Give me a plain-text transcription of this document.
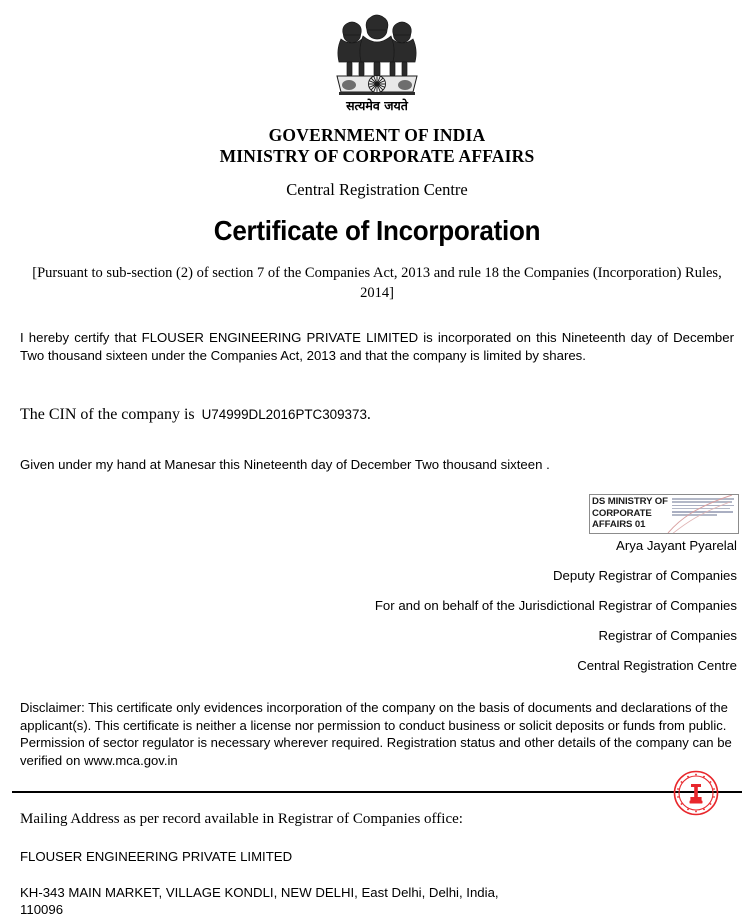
सत्यमेव जयते
GOVERNMENT OF INDIA
MINISTRY OF CORPORATE AFFAIRS
Central Registration Centre
Certificate of Incorporation
[Pursuant to sub-section (2) of section 7 of the Companies Act, 2013 and rule 18 the Companies (Incorporation) Rules, 2014]
I hereby certify that FLOUSER ENGINEERING PRIVATE LIMITED is incorporated on this Nineteenth day of December Two thousand sixteen under the Companies Act, 2013 and that the company is limited by shares.
The CIN of the company is U74999DL2016PTC309373.
Given under my hand at Manesar this Nineteenth day of December Two thousand sixteen .
DS MINISTRY OF
CORPORATE
AFFAIRS 01
Arya Jayant Pyarelal
Deputy Registrar of Companies
For and on behalf of the Jurisdictional Registrar of Companies
Registrar of Companies
Central Registration Centre
Disclaimer: This certificate only evidences incorporation of the company on the basis of documents and declarations of the applicant(s). This certificate is neither a license nor permission to conduct business or solicit deposits or funds from public. Permission of sector regulator is necessary wherever required. Registration status and other details of the company can be verified on www.mca.gov.in
Mailing Address as per record available in Registrar of Companies office:
FLOUSER ENGINEERING PRIVATE LIMITED
KH-343 MAIN MARKET, VILLAGE KONDLI, NEW DELHI, East Delhi, Delhi, India, 110096
